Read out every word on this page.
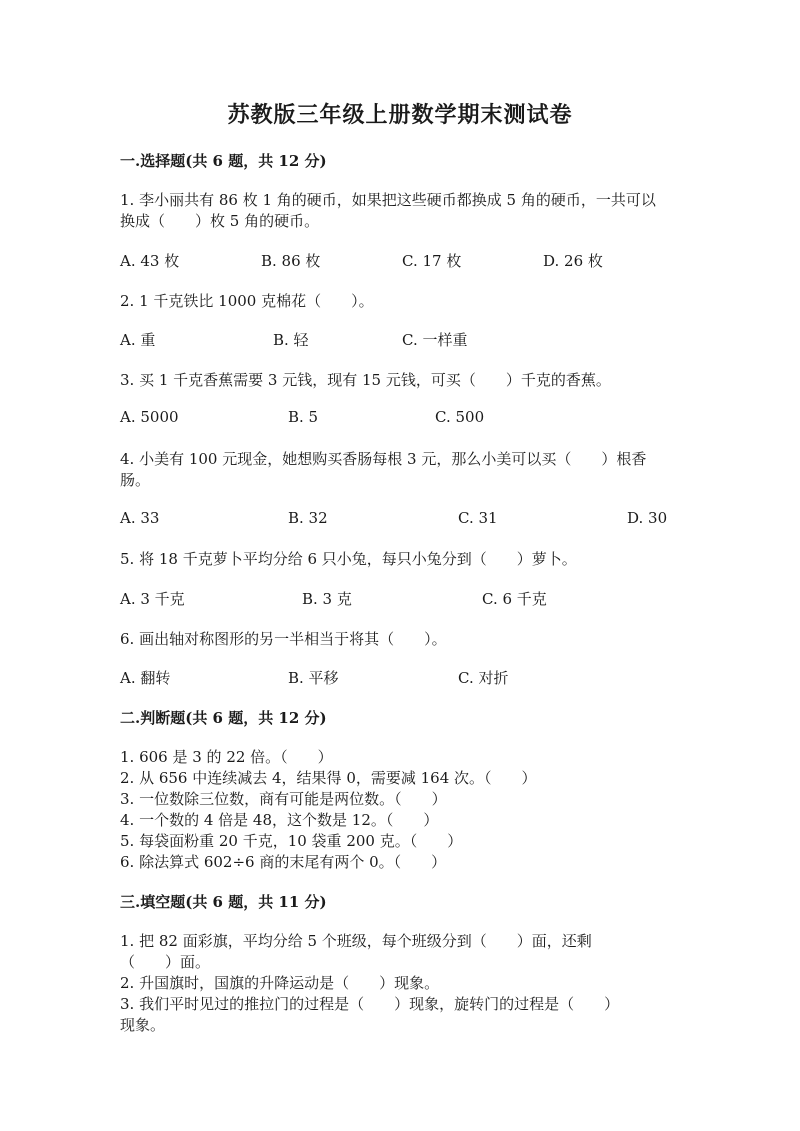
苏教版三年级上册数学期末测试卷
一.选择题(共 6 题，共 12 分)
1. 李小丽共有 86 枚 1 角的硬币，如果把这些硬币都换成 5 角的硬币，一共可以
换成（　　）枚 5 角的硬币。
A. 43 枚	B. 86 枚	C. 17 枚	D. 26 枚
2. 1 千克铁比 1000 克棉花（　　）。
A. 重	B. 轻	C. 一样重
3. 买 1 千克香蕉需要 3 元钱，现有 15 元钱，可买（　　）千克的香蕉。
A. 5000	B. 5	C. 500
4. 小美有 100 元现金，她想购买香肠每根 3 元，那么小美可以买（　　）根香
肠。
A. 33	B. 32	C. 31	D. 30
5. 将 18 千克萝卜平均分给 6 只小兔，每只小兔分到（　　）萝卜。
A. 3 千克	B. 3 克	C. 6 千克
6. 画出轴对称图形的另一半相当于将其（　　）。
A. 翻转	B. 平移	C. 对折
二.判断题(共 6 题，共 12 分)
1. 606 是 3 的 22 倍。（　　）
2. 从 656 中连续减去 4，结果得 0，需要减 164 次。（　　）
3. 一位数除三位数，商有可能是两位数。（　　）
4. 一个数的 4 倍是 48，这个数是 12。（　　）
5. 每袋面粉重 20 千克，10 袋重 200 克。（　　）
6. 除法算式 602÷6 商的末尾有两个 0。（　　）
三.填空题(共 6 题，共 11 分)
1. 把 82 面彩旗，平均分给 5 个班级，每个班级分到（　　）面，还剩
（　　）面。
2. 升国旗时，国旗的升降运动是（　　）现象。
3. 我们平时见过的推拉门的过程是（　　）现象，旋转门的过程是（　　）
现象。
